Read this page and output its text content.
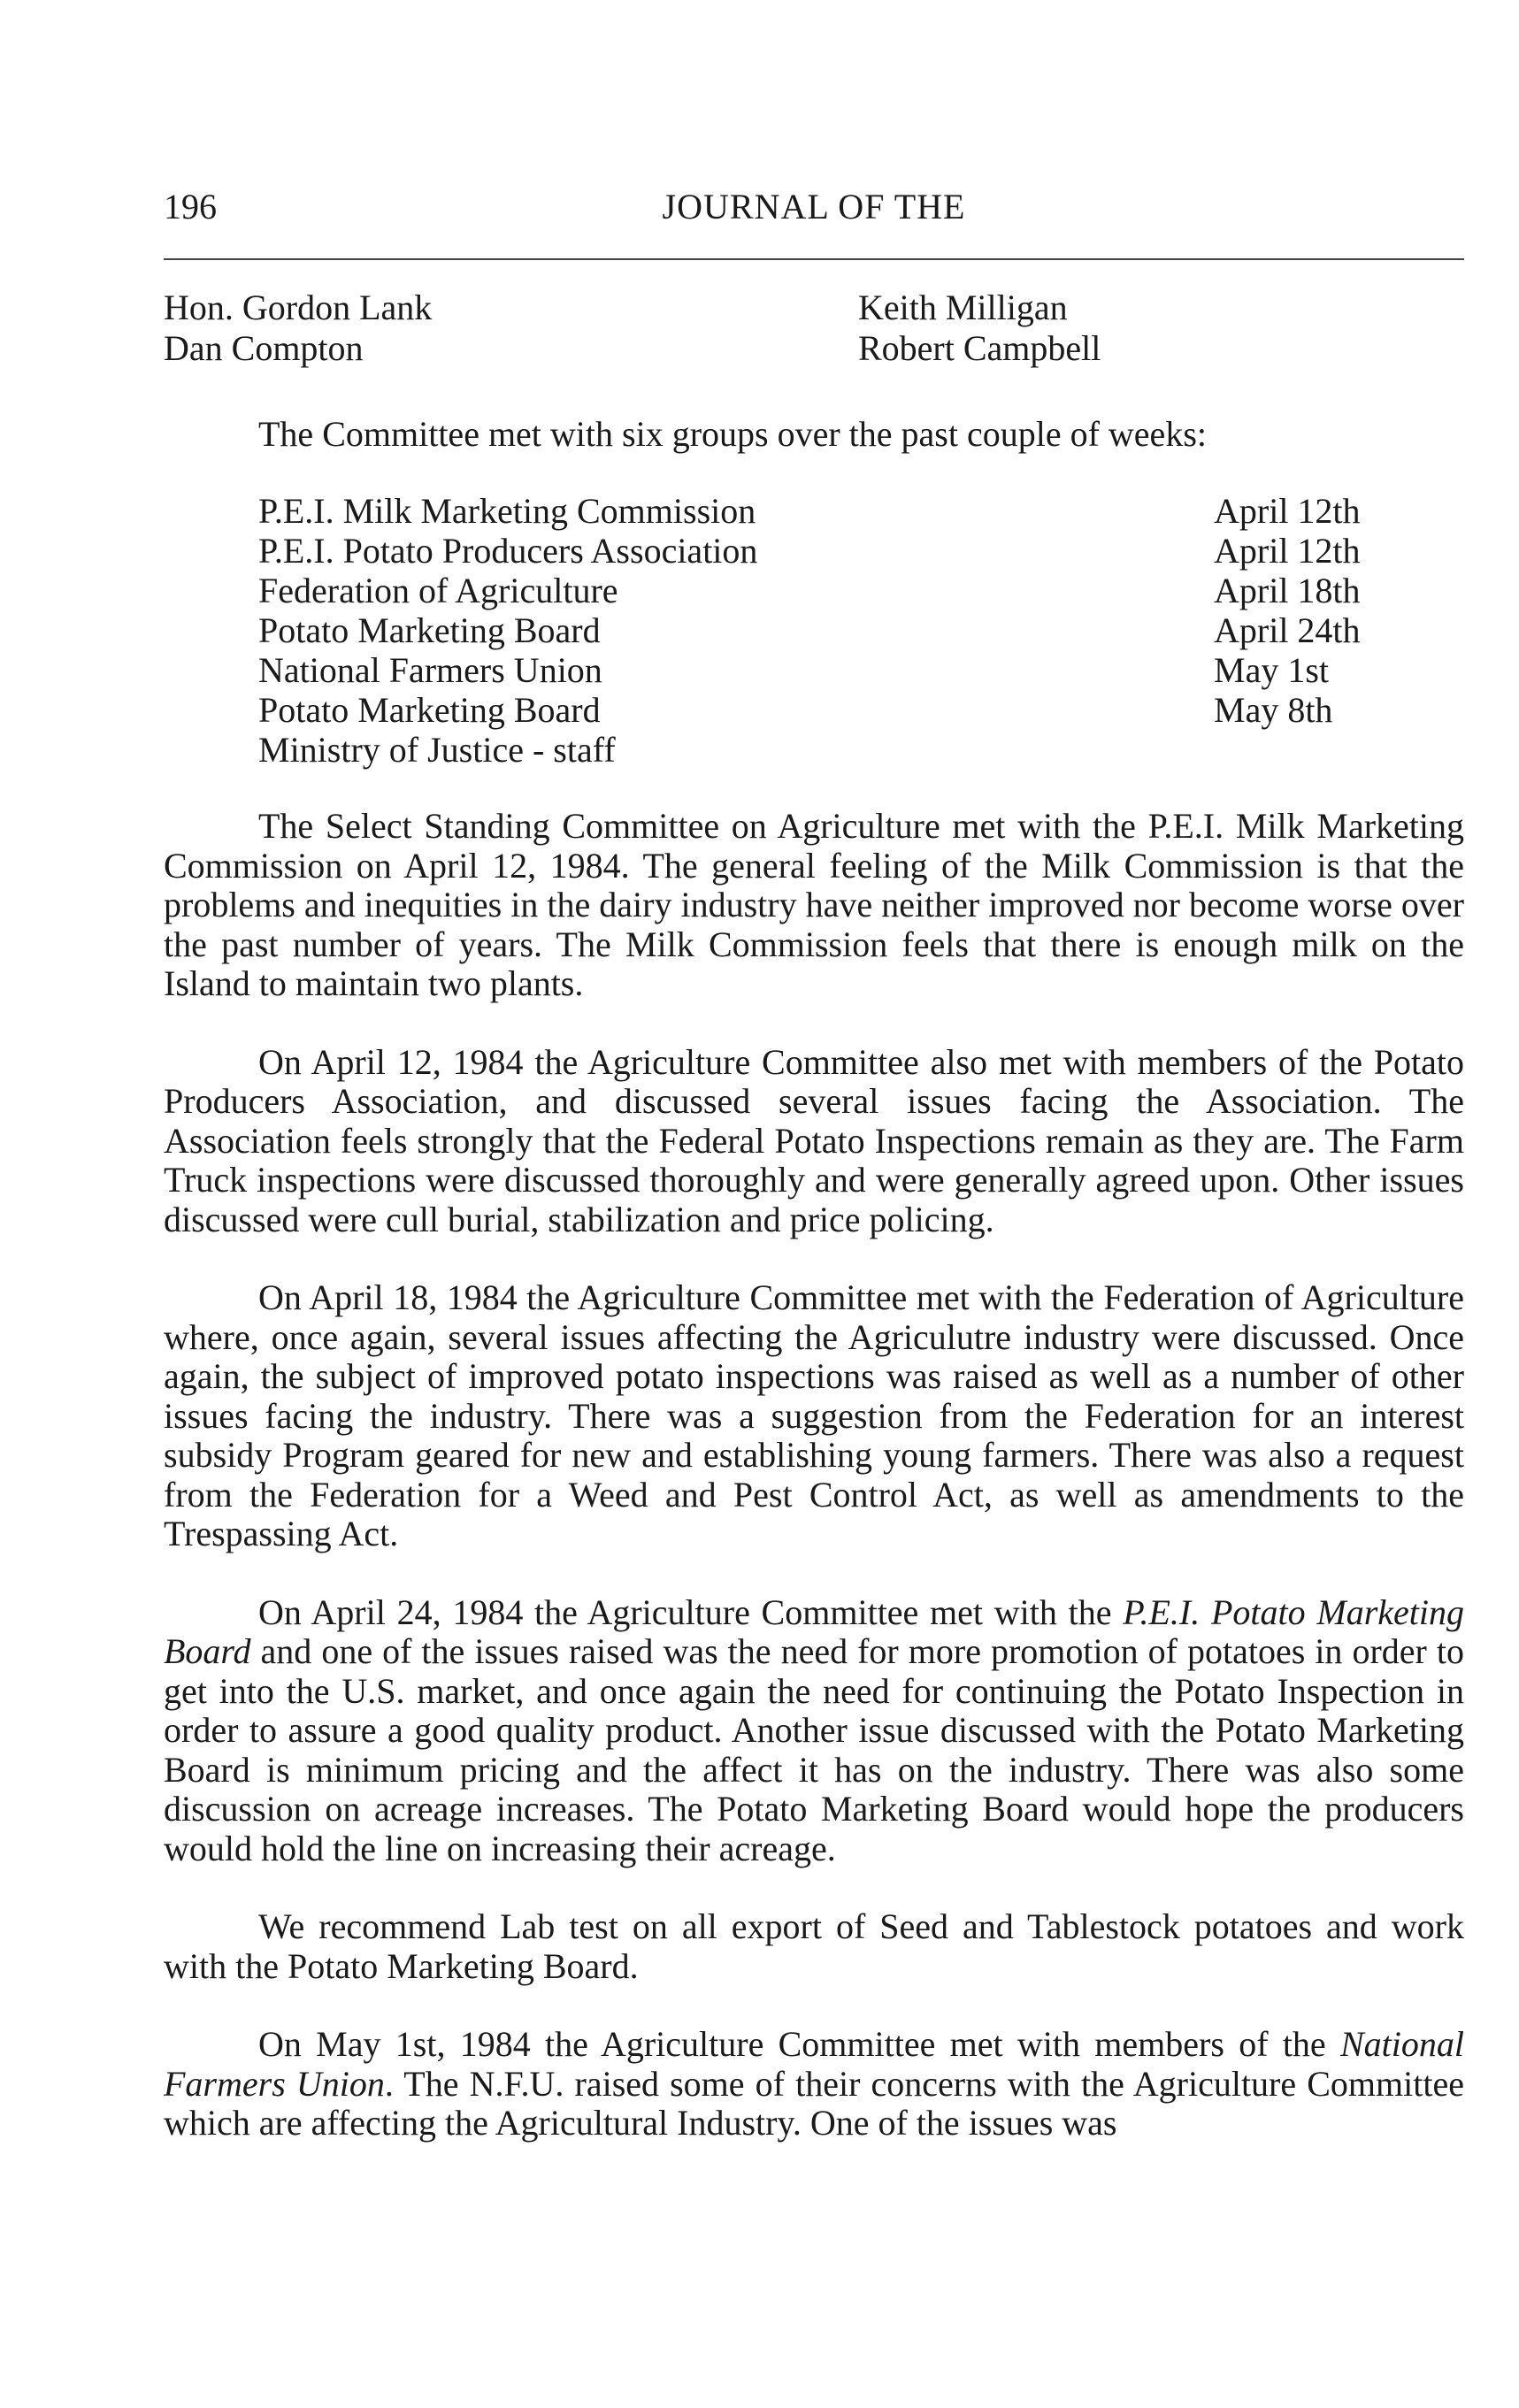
196	JOURNAL OF THE
Hon. Gordon Lank
Dan Compton
Keith Milligan
Robert Campbell
The Committee met with six groups over the past couple of weeks:
P.E.I. Milk Marketing Commission	April 12th
P.E.I. Potato Producers Association	April 12th
Federation of Agriculture	April 18th
Potato Marketing Board	April 24th
National Farmers Union	May 1st
Potato Marketing Board	May 8th
Ministry of Justice - staff

The Select Standing Committee on Agriculture met with the P.E.I. Milk Marketing Commission on April 12, 1984. The general feeling of the Milk Commission is that the problems and inequities in the dairy industry have neither improved nor become worse over the past number of years. The Milk Commission feels that there is enough milk on the Island to maintain two plants.

On April 12, 1984 the Agriculture Committee also met with members of the Potato Producers Association, and discussed several issues facing the Association. The Association feels strongly that the Federal Potato Inspections remain as they are. The Farm Truck inspections were discussed thoroughly and were generally agreed upon. Other issues discussed were cull burial, stabilization and price policing.

On April 18, 1984 the Agriculture Committee met with the Federation of Agriculture where, once again, several issues affecting the Agriculutre industry were discussed. Once again, the subject of improved potato inspections was raised as well as a number of other issues facing the industry. There was a suggestion from the Federation for an interest subsidy Program geared for new and establishing young farmers. There was also a request from the Federation for a Weed and Pest Control Act, as well as amendments to the Trespassing Act.

On April 24, 1984 the Agriculture Committee met with the P.E.I. Potato Marketing Board and one of the issues raised was the need for more promotion of potatoes in order to get into the U.S. market, and once again the need for continuing the Potato Inspection in order to assure a good quality product. Another issue discussed with the Potato Marketing Board is minimum pricing and the affect it has on the industry. There was also some discussion on acreage increases. The Potato Marketing Board would hope the producers would hold the line on increasing their acreage.

We recommend Lab test on all export of Seed and Tablestock potatoes and work with the Potato Marketing Board.

On May 1st, 1984 the Agriculture Committee met with members of the National Farmers Union. The N.F.U. raised some of their concerns with the Agriculture Committee which are affecting the Agricultural Industry. One of the issues was
